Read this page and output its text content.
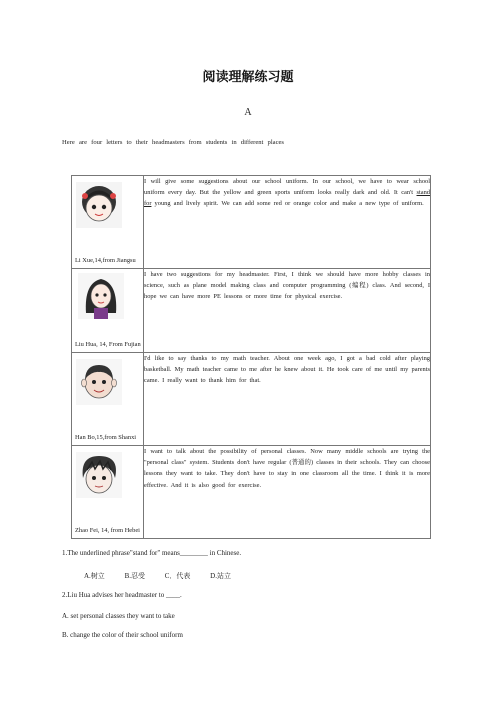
阅读理解练习题
A
Here are four letters to their headmasters from students in different places
Li Xue,14,from Jiangsu	I will give some suggestions about our school uniform. In our school, we have to wear school uniform every day. But the yellow and green sports uniform looks really dark and old. It can't stand for young and lively spirit. We can add some red or orange color and make a new type of uniform.

Liu Hua, 14, From Fujian	I have two suggestions for my headmaster. First, I think we should have more hobby classes in science, such as plane model making class and computer programming (编程) class. And second, I hope we can have more PE lessons or more time for physical exercise.

Han Bo,15,from Shanxi	I'd like to say thanks to my math teacher. About one week ago, I got a bad cold after playing basketball. My math teacher came to me after he knew about it. He took care of me until my parents came. I really want to thank him for that.

Zhao Fei, 14, from Hebei	I want to talk about the possibility of personal classes. Now many middle schools are trying the "personal class" system. Students don't have regular (普通的) classes in their schools. They can choose lessons they want to take. They don't have to stay in one classroom all the time. I think it is more effective. And it is also good for exercise.
1.The underlined phrase"stand for" means________ in Chinese.
A.树立	B.忍受	C．代表	D.站立
2.Liu Hua advises her headmaster to ____.
A. set personal classes they want to take
B. change the color of their school uniform
